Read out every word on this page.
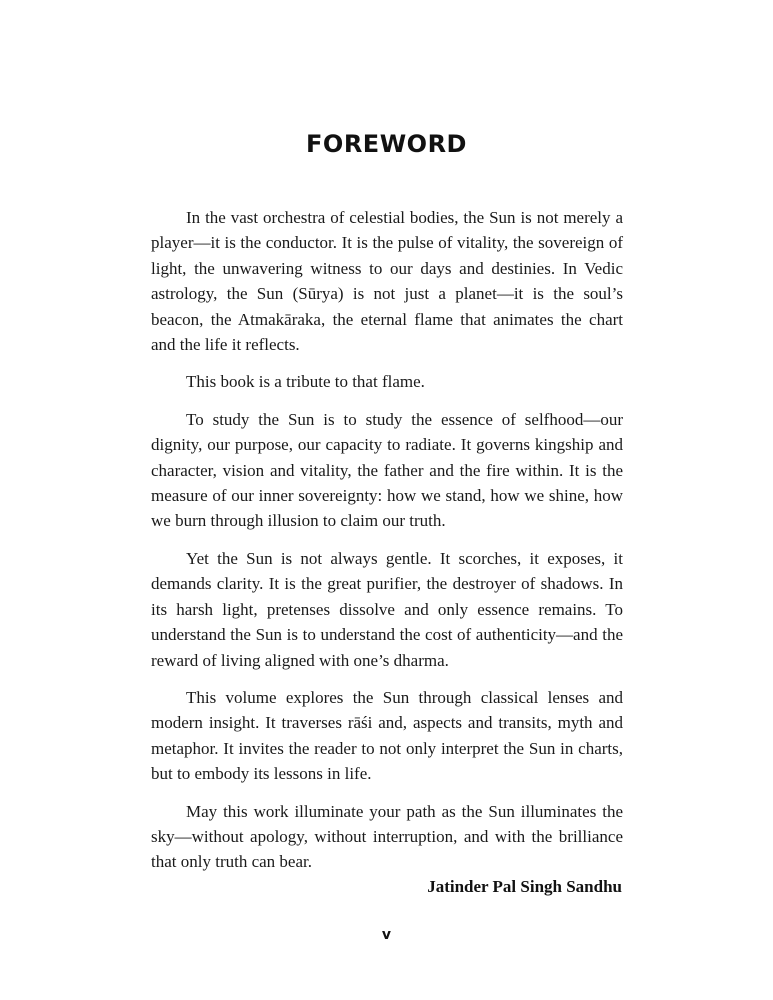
FOREWORD

In the vast orchestra of celestial bodies, the Sun is not merely a player—it is the conductor. It is the pulse of vitality, the sovereign of light, the unwavering witness to our days and destinies. In Vedic astrology, the Sun (Sūrya) is not just a planet—it is the soul’s beacon, the Atmakāraka, the eternal flame that animates the chart and the life it reflects.

This book is a tribute to that flame.

To study the Sun is to study the essence of selfhood—our dignity, our purpose, our capacity to radiate. It governs kingship and character, vision and vitality, the father and the fire within. It is the measure of our inner sovereignty: how we stand, how we shine, how we burn through illusion to claim our truth.

Yet the Sun is not always gentle. It scorches, it exposes, it demands clarity. It is the great purifier, the destroyer of shadows. In its harsh light, pretenses dissolve and only essence remains. To understand the Sun is to understand the cost of authenticity—and the reward of living aligned with one’s dharma.

This volume explores the Sun through classical lenses and modern insight. It traverses rāśi and, aspects and transits, myth and metaphor. It invites the reader to not only interpret the Sun in charts, but to embody its lessons in life.

May this work illuminate your path as the Sun illuminates the sky—without apology, without interruption, and with the brilliance that only truth can bear.

Jatinder Pal Singh Sandhu

v
